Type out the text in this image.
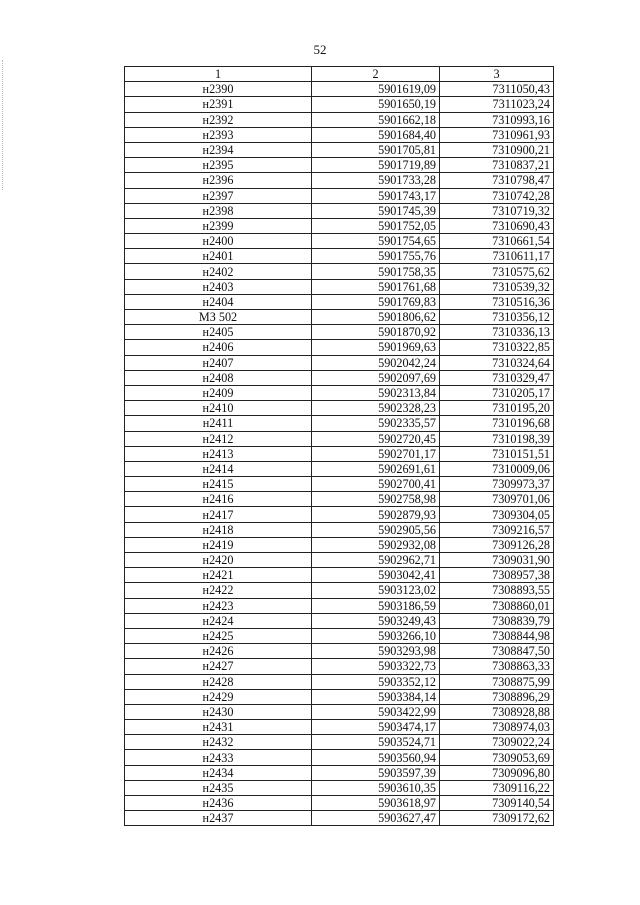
52
1	2	3
н2390	5901619,09	7311050,43
н2391	5901650,19	7311023,24
н2392	5901662,18	7310993,16
н2393	5901684,40	7310961,93
н2394	5901705,81	7310900,21
н2395	5901719,89	7310837,21
н2396	5901733,28	7310798,47
н2397	5901743,17	7310742,28
н2398	5901745,39	7310719,32
н2399	5901752,05	7310690,43
н2400	5901754,65	7310661,54
н2401	5901755,76	7310611,17
н2402	5901758,35	7310575,62
н2403	5901761,68	7310539,32
н2404	5901769,83	7310516,36
МЗ 502	5901806,62	7310356,12
н2405	5901870,92	7310336,13
н2406	5901969,63	7310322,85
н2407	5902042,24	7310324,64
н2408	5902097,69	7310329,47
н2409	5902313,84	7310205,17
н2410	5902328,23	7310195,20
н2411	5902335,57	7310196,68
н2412	5902720,45	7310198,39
н2413	5902701,17	7310151,51
н2414	5902691,61	7310009,06
н2415	5902700,41	7309973,37
н2416	5902758,98	7309701,06
н2417	5902879,93	7309304,05
н2418	5902905,56	7309216,57
н2419	5902932,08	7309126,28
н2420	5902962,71	7309031,90
н2421	5903042,41	7308957,38
н2422	5903123,02	7308893,55
н2423	5903186,59	7308860,01
н2424	5903249,43	7308839,79
н2425	5903266,10	7308844,98
н2426	5903293,98	7308847,50
н2427	5903322,73	7308863,33
н2428	5903352,12	7308875,99
н2429	5903384,14	7308896,29
н2430	5903422,99	7308928,88
н2431	5903474,17	7308974,03
н2432	5903524,71	7309022,24
н2433	5903560,94	7309053,69
н2434	5903597,39	7309096,80
н2435	5903610,35	7309116,22
н2436	5903618,97	7309140,54
н2437	5903627,47	7309172,62
